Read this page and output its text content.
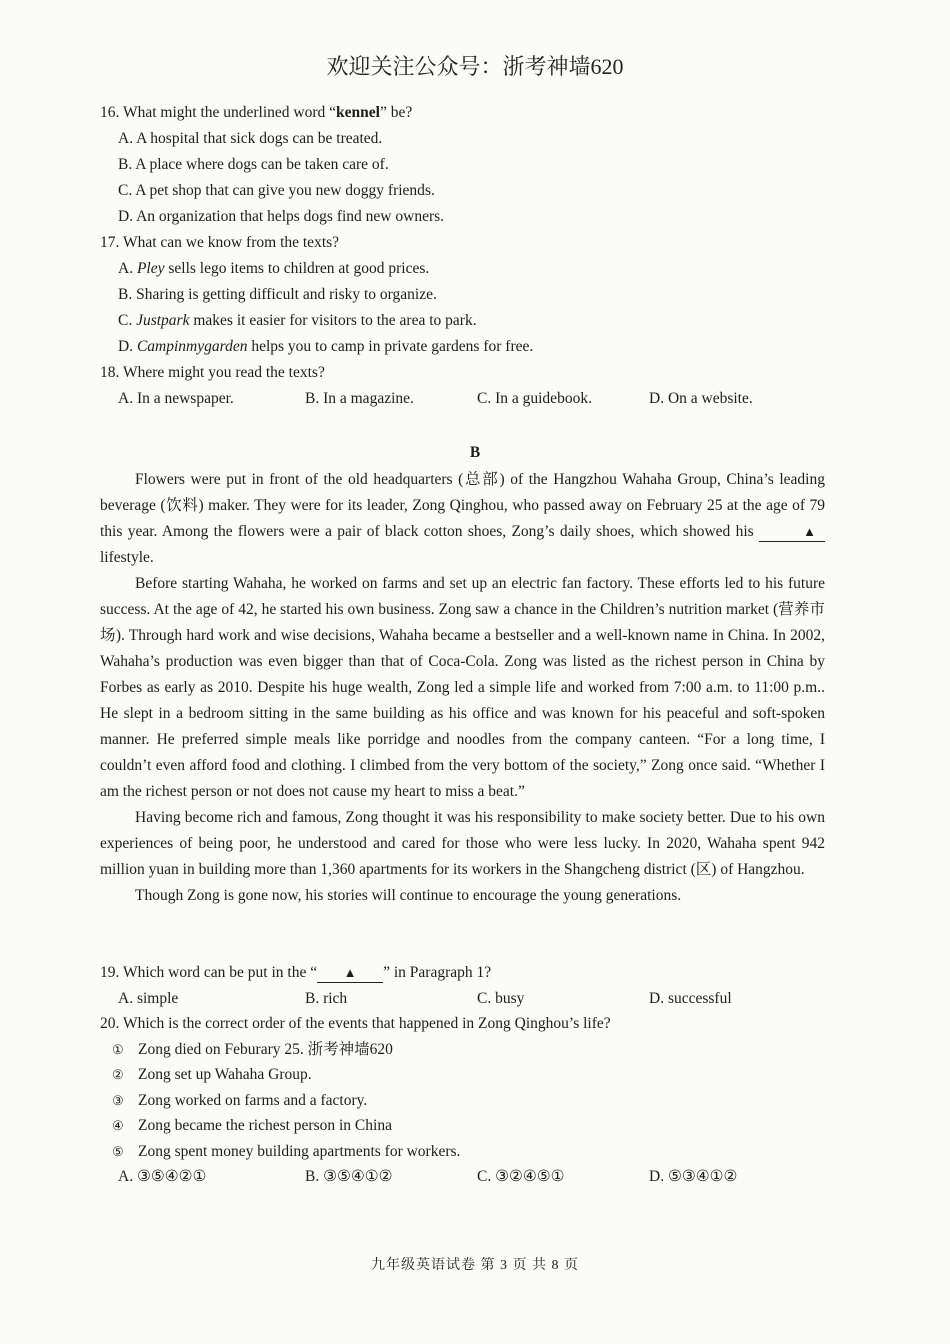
欢迎关注公众号：浙考神墙620
16. What might the underlined word “kennel” be?
A. A hospital that sick dogs can be treated.
B. A place where dogs can be taken care of.
C. A pet shop that can give you new doggy friends.
D. An organization that helps dogs find new owners.
17. What can we know from the texts?
A. Pley sells lego items to children at good prices.
B. Sharing is getting difficult and risky to organize.
C. Justpark makes it easier for visitors to the area to park.
D. Campinmygarden helps you to camp in private gardens for free.
18. Where might you read the texts?
A. In a newspaper.	B. In a magazine.	C. In a guidebook.	D. On a website.
B

Flowers were put in front of the old headquarters (总部) of the Hangzhou Wahaha Group, China’s leading beverage (饮料) maker. They were for its leader, Zong Qinghou, who passed away on February 25 at the age of 79 this year. Among the flowers were a pair of black cotton shoes, Zong’s daily shoes, which showed his	▲ lifestyle.

Before starting Wahaha, he worked on farms and set up an electric fan factory. These efforts led to his future success. At the age of 42, he started his own business. Zong saw a chance in the Children’s nutrition market (营养市场). Through hard work and wise decisions, Wahaha became a bestseller and a well-known name in China. In 2002, Wahaha’s production was even bigger than that of Coca-Cola. Zong was listed as the richest person in China by Forbes as early as 2010. Despite his huge wealth, Zong led a simple life and worked from 7:00 a.m. to 11:00 p.m.. He slept in a bedroom sitting in the same building as his office and was known for his peaceful and soft-spoken manner. He preferred simple meals like porridge and noodles from the company canteen. “For a long time, I couldn’t even afford food and clothing. I climbed from the very bottom of the society,” Zong once said. “Whether I am the richest person or not does not cause my heart to miss a beat.”

Having become rich and famous, Zong thought it was his responsibility to make society better. Due to his own experiences of being poor, he understood and cared for those who were less lucky. In 2020, Wahaha spent 942 million yuan in building more than 1,360 apartments for its workers in the Shangcheng district (区) of Hangzhou.

Though Zong is gone now, his stories will continue to encourage the young generations.

19. Which word can be put in the “ ▲ ” in Paragraph 1?
A. simple	B. rich	C. busy	D. successful
20. Which is the correct order of the events that happened in Zong Qinghou’s life?
① Zong died on Feburary 25. 浙考神墙620
② Zong set up Wahaha Group.
③ Zong worked on farms and a factory.
④ Zong became the richest person in China
⑤ Zong spent money building apartments for workers.
A. ③⑤④②①	B. ③⑤④①②	C. ③②④⑤①	D. ⑤③④①②
九年级英语试卷 第 3 页 共 8 页
